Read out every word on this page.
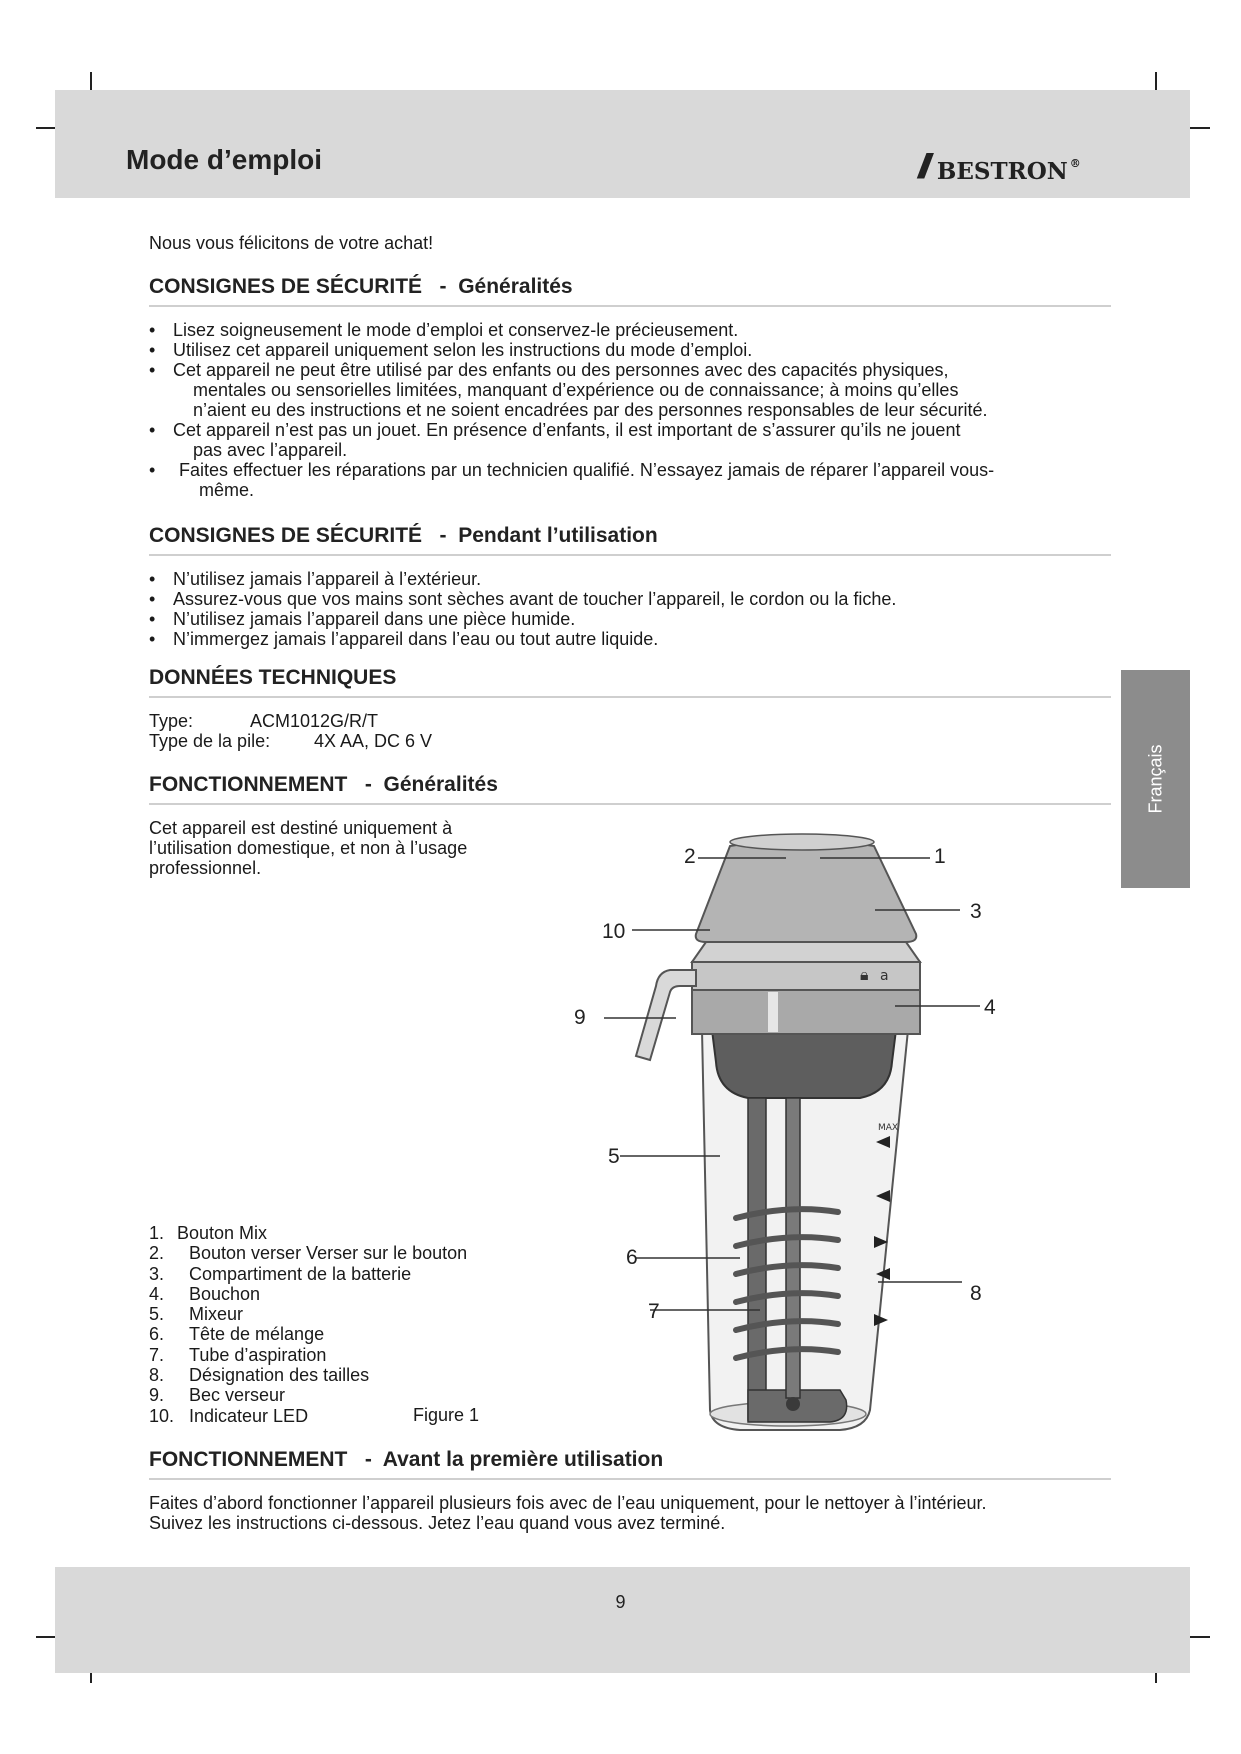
Mode d’emploi	// bestron ®
Nous vous félicitons de votre achat!
CONSIGNES DE SÉCURITÉ   -  Généralités
• Lisez soigneusement le mode d’emploi et conservez-le précieusement.
• Utilisez cet appareil uniquement selon les instructions du mode d’emploi.
• Cet appareil ne peut être utilisé par des enfants ou des personnes avec des capacités physiques,
mentales ou sensorielles limitées, manquant d’expérience ou de connaissance; à moins qu’elles
n’aient eu des instructions et ne soient encadrées par des personnes responsables de leur sécurité.
• Cet appareil n’est pas un jouet. En présence d’enfants, il est important de s’assurer qu’ils ne jouent
pas avec l’appareil.
• Faites effectuer les réparations par un technicien qualifié. N’essayez jamais de réparer l’appareil vous-
même.
CONSIGNES DE SÉCURITÉ   -  Pendant l’utilisation
• N’utilisez jamais l’appareil à l’extérieur.
• Assurez-vous que vos mains sont sèches avant de toucher l’appareil, le cordon ou la fiche.
• N’utilisez jamais l’appareil dans une pièce humide.
• N’immergez jamais l’appareil dans l’eau ou tout autre liquide.
DONNÉES TECHNIQUES
Type:	ACM1012G/R/T
Type de la pile: 4X AA, DC 6 V
FONCTIONNEMENT   -  Généralités
Cet appareil est destiné uniquement à
l’utilisation domestique, et non à l’usage
professionnel.
🔒︎ a
MAX
1
2
3
4
5
6
7
8
9
10
1. Bouton Mix
2. Bouton verser Verser sur le bouton
3. Compartiment de la batterie
4. Bouchon
5. Mixeur
6. Tête de mélange
7. Tube d’aspiration
8. Désignation des tailles
9. Bec verseur
10. Indicateur LED	Figure 1
FONCTIONNEMENT   -  Avant la première utilisation
Faites d’abord fonctionner l’appareil plusieurs fois avec de l’eau uniquement, pour le nettoyer à l’intérieur.
Suivez les instructions ci-dessous. Jetez l’eau quand vous avez terminé.
Français
9
